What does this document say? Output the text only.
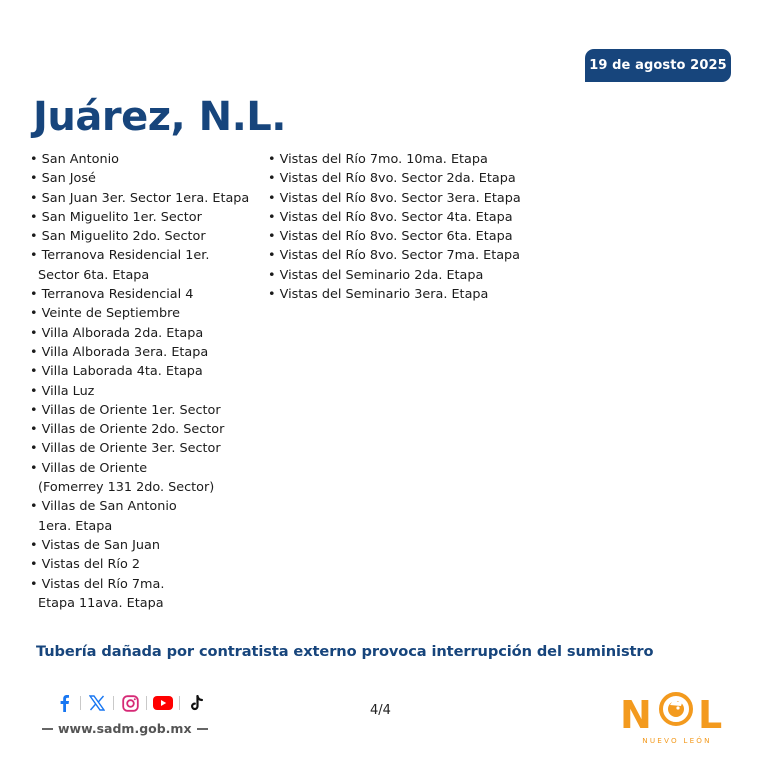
19 de agosto 2025
Juárez, N.L.
• San Antonio
• San José
• San Juan 3er. Sector 1era. Etapa
• San Miguelito 1er. Sector
• San Miguelito 2do. Sector
• Terranova Residencial 1er.
Sector 6ta. Etapa
• Terranova Residencial 4
• Veinte de Septiembre
• Villa Alborada 2da. Etapa
• Villa Alborada 3era. Etapa
• Villa Laborada 4ta. Etapa
• Villa Luz
• Villas de Oriente 1er. Sector
• Villas de Oriente 2do. Sector
• Villas de Oriente 3er. Sector
• Villas de Oriente
(Fomerrey 131 2do. Sector)
• Villas de San Antonio
1era. Etapa
• Vistas de San Juan
• Vistas del Río 2
• Vistas del Río 7ma.
Etapa 11ava. Etapa
• Vistas del Río 7mo. 10ma. Etapa
• Vistas del Río 8vo. Sector 2da. Etapa
• Vistas del Río 8vo. Sector 3era. Etapa
• Vistas del Río 8vo. Sector 4ta. Etapa
• Vistas del Río 8vo. Sector 6ta. Etapa
• Vistas del Río 8vo. Sector 7ma. Etapa
• Vistas del Seminario 2da. Etapa
• Vistas del Seminario 3era. Etapa

Tubería dañada por contratista externo provoca interrupción del suministro

www.sadm.gob.mx
4/4	N L
NUEVO LEÓN
